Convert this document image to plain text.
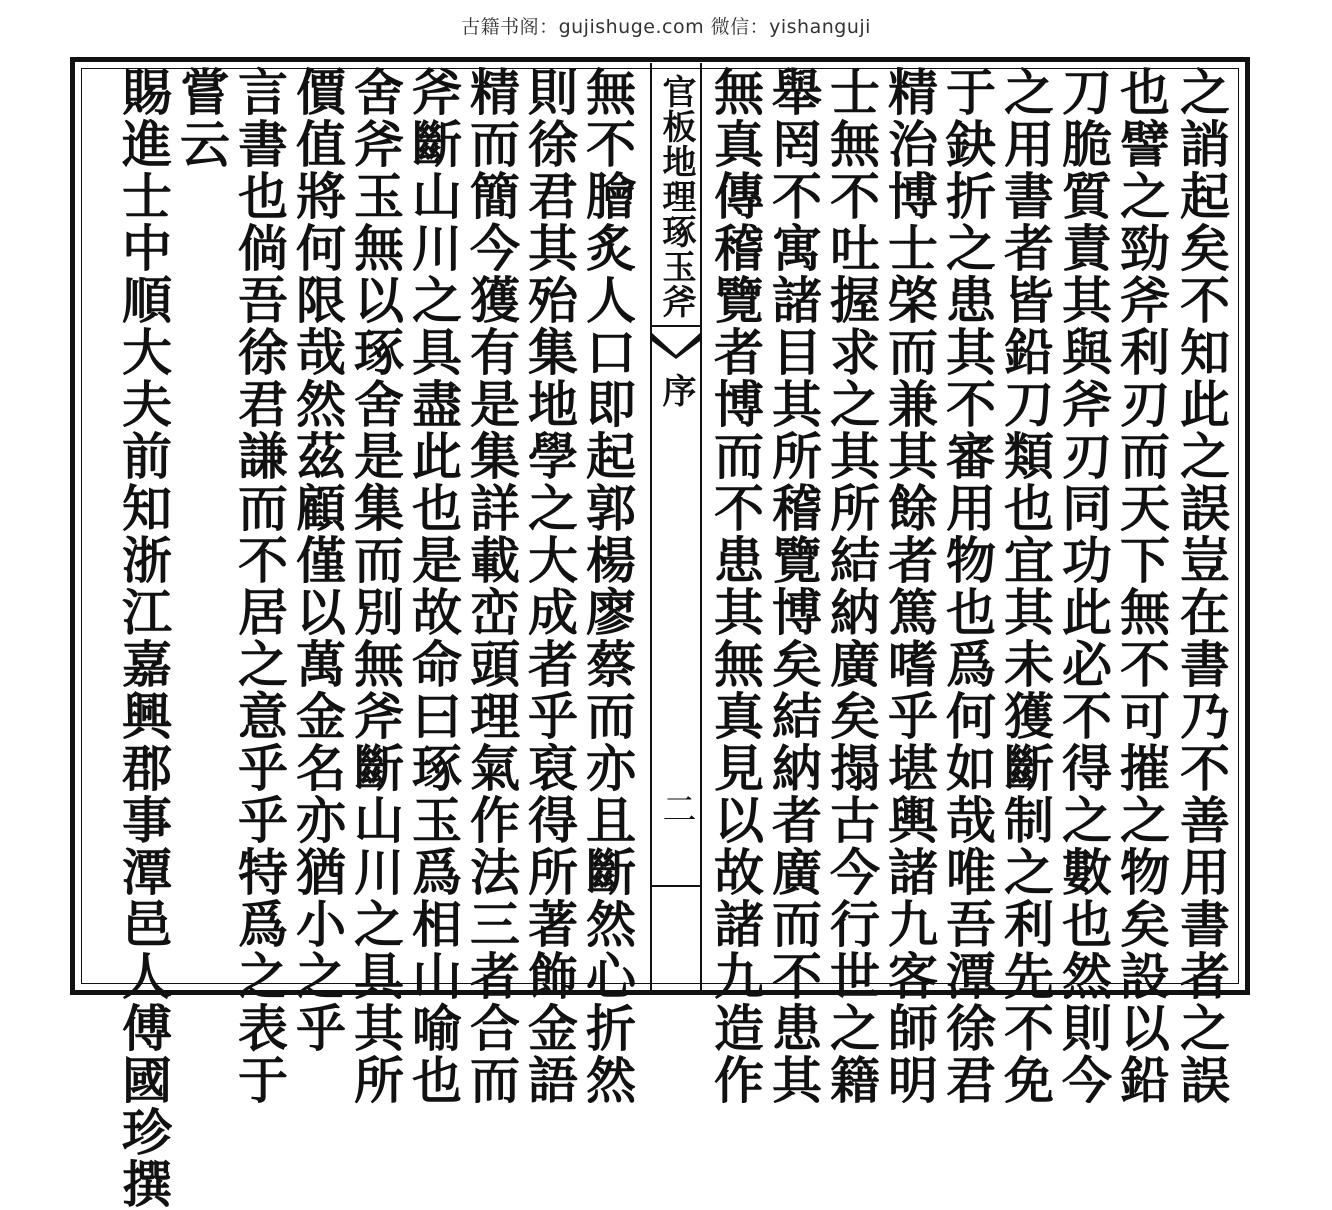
古籍书阁：gujishuge.com 微信：yishanguji
之誚起矣不知此之誤豈在書乃不善用書者之誤
也譬之勁斧利刃而天下無不可摧之物矣設以鉛
刀脆質責其與斧刃同功此必不得之數也然則今
之用書者皆鉛刀類也宜其未獲斷制之利先不免
于鈌折之患其不審用物也爲何如哉唯吾潭徐君
精治博士棨而兼其餘者篤嗜乎堪輿諸九客師明
士無不吐握求之其所結納廣矣搨古今行世之籍
舉罔不寓諸目其所稽覽博矣結納者廣而不患其
無真傳稽覽者博而不患其無真見以故諸九造作
官板地理琢玉斧
序
二
無不膾炙人口即起郭楊廖蔡而亦且斷然心折然
則徐君其殆集地學之大成者乎裒得所著飾金語
精而簡今獲有是集詳載峦頭理氣作法三者合而
斧斷山川之具盡此也是故命曰琢玉爲相山喻也
舍斧玉無以琢舍是集而別無斧斷山川之具其所
價值將何限哉然茲顧僅以萬金名亦猶小之乎
言書也倘吾徐君謙而不居之意乎乎特爲之表于
嘗云
賜進士中順大夫前知浙江嘉興郡事潭邑人傅國珍撰
